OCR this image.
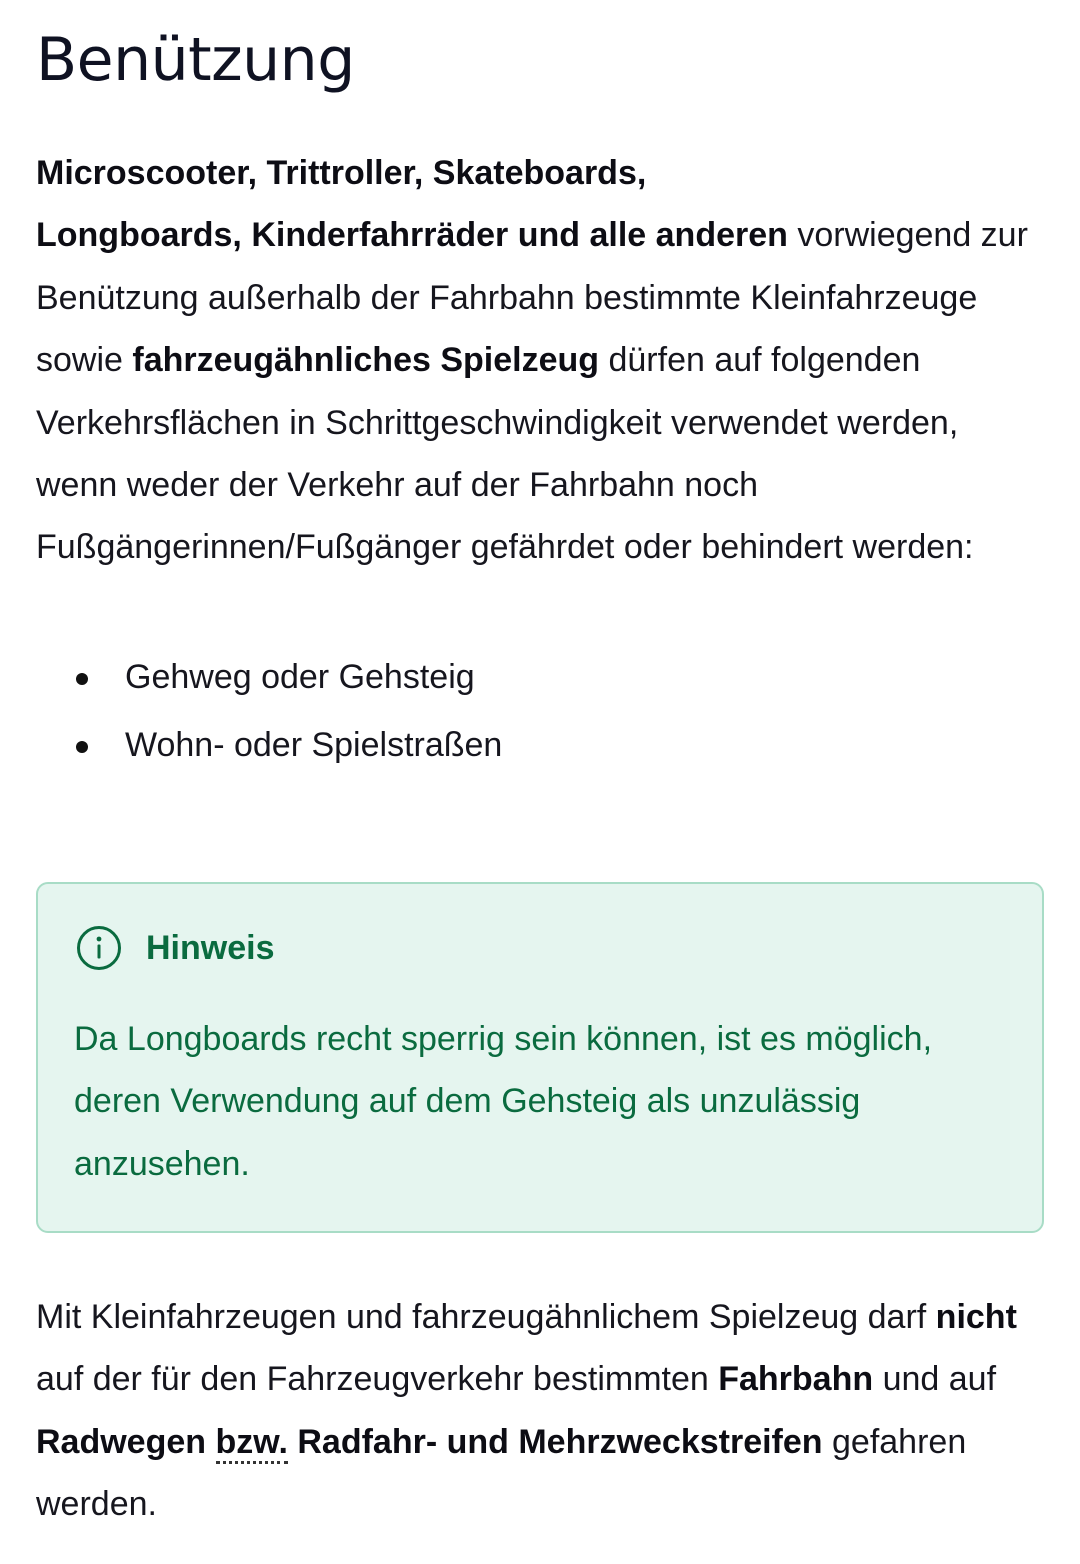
Benützung

Microscooter, Trittroller, Skateboards,
Longboards, Kinderfahrräder und alle anderen vorwiegend zur Benützung außerhalb der Fahrbahn bestimmte Kleinfahrzeuge sowie fahrzeugähnliches Spielzeug dürfen auf folgenden Verkehrsflächen in Schrittgeschwindigkeit verwendet werden, wenn weder der Verkehr auf der Fahrbahn noch Fußgängerinnen/Fußgänger gefährdet oder behindert werden:

Gehweg oder Gehsteig
Wohn- oder Spielstraßen
Hinweis

Da Longboards recht sperrig sein können, ist es möglich, deren Verwendung auf dem Gehsteig als unzulässig anzusehen.

Mit Kleinfahrzeugen und fahrzeugähnlichem Spielzeug darf nicht auf der für den Fahrzeugverkehr bestimmten Fahrbahn und auf Radwegen bzw. Radfahr- und Mehrzweckstreifen gefahren werden.
